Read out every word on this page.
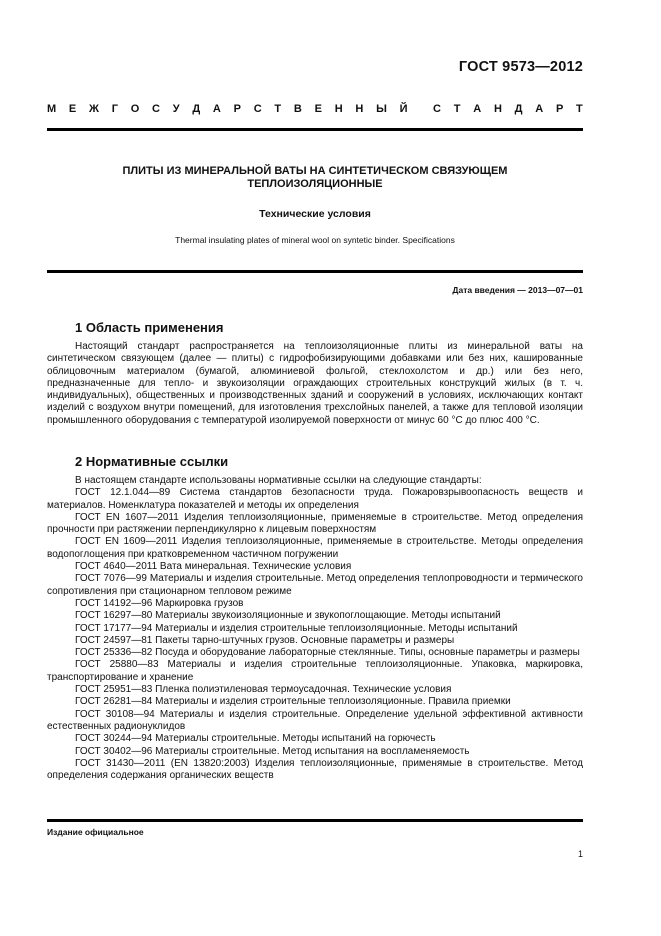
ГОСТ 9573—2012
М Е Ж Г О С У Д А Р С Т В Е Н Н Ы Й С Т А Н Д А Р Т
ПЛИТЫ ИЗ МИНЕРАЛЬНОЙ ВАТЫ НА СИНТЕТИЧЕСКОМ СВЯЗУЮЩЕМ
ТЕПЛОИЗОЛЯЦИОННЫЕ
Технические условия
Thermal insulating plates of mineral wool on syntetic binder. Specifications
Дата введения — 2013—07—01
1 Область применения

Настоящий стандарт распространяется на теплоизоляционные плиты из минеральной ваты на синтетическом связующем (далее — плиты) с гидрофобизирующими добавками или без них, кашированные облицовочным материалом (бумагой, алюминиевой фольгой, стеклохолстом и др.) или без него, предназначенные для тепло- и звукоизоляции ограждающих строительных конструкций жилых (в т. ч. индивидуальных), общественных и производственных зданий и сооружений в условиях, исключающих контакт изделий с воздухом внутри помещений, для изготовления трехслойных панелей, а также для тепловой изоляции промышленного оборудования с температурой изолируемой поверхности от минус 60 °C до плюс 400 °C.

2 Нормативные ссылки

В настоящем стандарте использованы нормативные ссылки на следующие стандарты:

ГОСТ 12.1.044—89 Система стандартов безопасности труда. Пожаровзрывоопасность веществ и материалов. Номенклатура показателей и методы их определения

ГОСТ EN 1607—2011 Изделия теплоизоляционные, применяемые в строительстве. Метод определения прочности при растяжении перпендикулярно к лицевым поверхностям

ГОСТ EN 1609—2011 Изделия теплоизоляционные, применяемые в строительстве. Методы определения водопоглощения при кратковременном частичном погружении

ГОСТ 4640—2011 Вата минеральная. Технические условия

ГОСТ 7076—99 Материалы и изделия строительные. Метод определения теплопроводности и термического сопротивления при стационарном тепловом режиме

ГОСТ 14192—96 Маркировка грузов

ГОСТ 16297—80 Материалы звукоизоляционные и звукопоглощающие. Методы испытаний

ГОСТ 17177—94 Материалы и изделия строительные теплоизоляционные. Методы испытаний

ГОСТ 24597—81 Пакеты тарно-штучных грузов. Основные параметры и размеры

ГОСТ 25336—82 Посуда и оборудование лабораторные стеклянные. Типы, основные параметры и размеры

ГОСТ 25880—83 Материалы и изделия строительные теплоизоляционные. Упаковка, маркировка, транспортирование и хранение

ГОСТ 25951—83 Пленка полиэтиленовая термоусадочная. Технические условия

ГОСТ 26281—84 Материалы и изделия строительные теплоизоляционные. Правила приемки

ГОСТ 30108—94 Материалы и изделия строительные. Определение удельной эффективной активности естественных радионуклидов

ГОСТ 30244—94 Материалы строительные. Методы испытаний на горючесть

ГОСТ 30402—96 Материалы строительные. Метод испытания на воспламеняемость

ГОСТ 31430—2011 (EN 13820:2003) Изделия теплоизоляционные, применямые в строительстве. Метод определения содержания органических веществ

Издание официальное
1
